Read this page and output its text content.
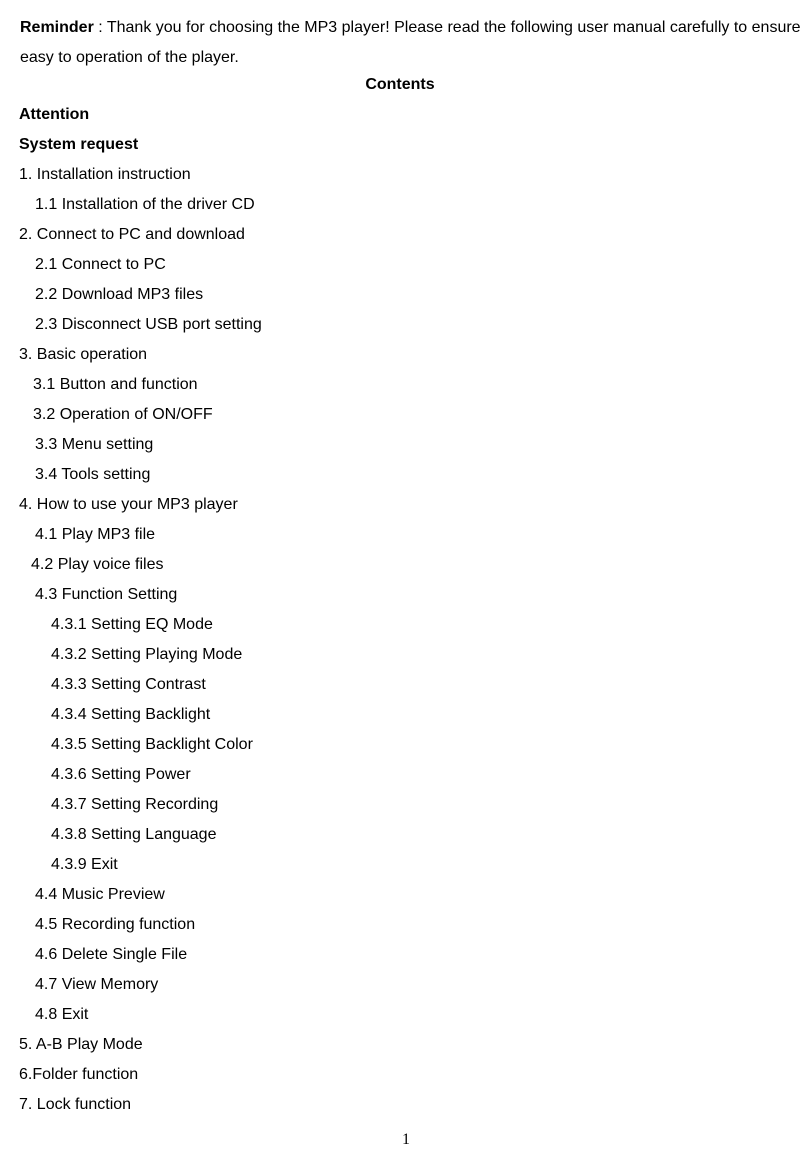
Reminder : Thank you for choosing the MP3 player! Please read the following user manual carefully to ensure
easy to operation of the player.
Contents
Attention
System request
1. Installation instruction
1.1 Installation of the driver CD
2. Connect to PC and download
2.1 Connect to PC
2.2 Download MP3 files
2.3 Disconnect USB port setting
3. Basic operation
3.1 Button and function
3.2 Operation of ON/OFF
3.3 Menu setting
3.4 Tools setting
4. How to use your MP3 player
4.1 Play MP3 file
4.2 Play voice files
4.3 Function Setting
4.3.1 Setting EQ Mode
4.3.2 Setting Playing Mode
4.3.3 Setting Contrast
4.3.4 Setting Backlight
4.3.5 Setting Backlight Color
4.3.6 Setting Power
4.3.7 Setting Recording
4.3.8 Setting Language
4.3.9 Exit
4.4 Music Preview
4.5 Recording function
4.6 Delete Single File
4.7 View Memory
4.8 Exit
5. A-B Play Mode
6.Folder function
7. Lock function
1
